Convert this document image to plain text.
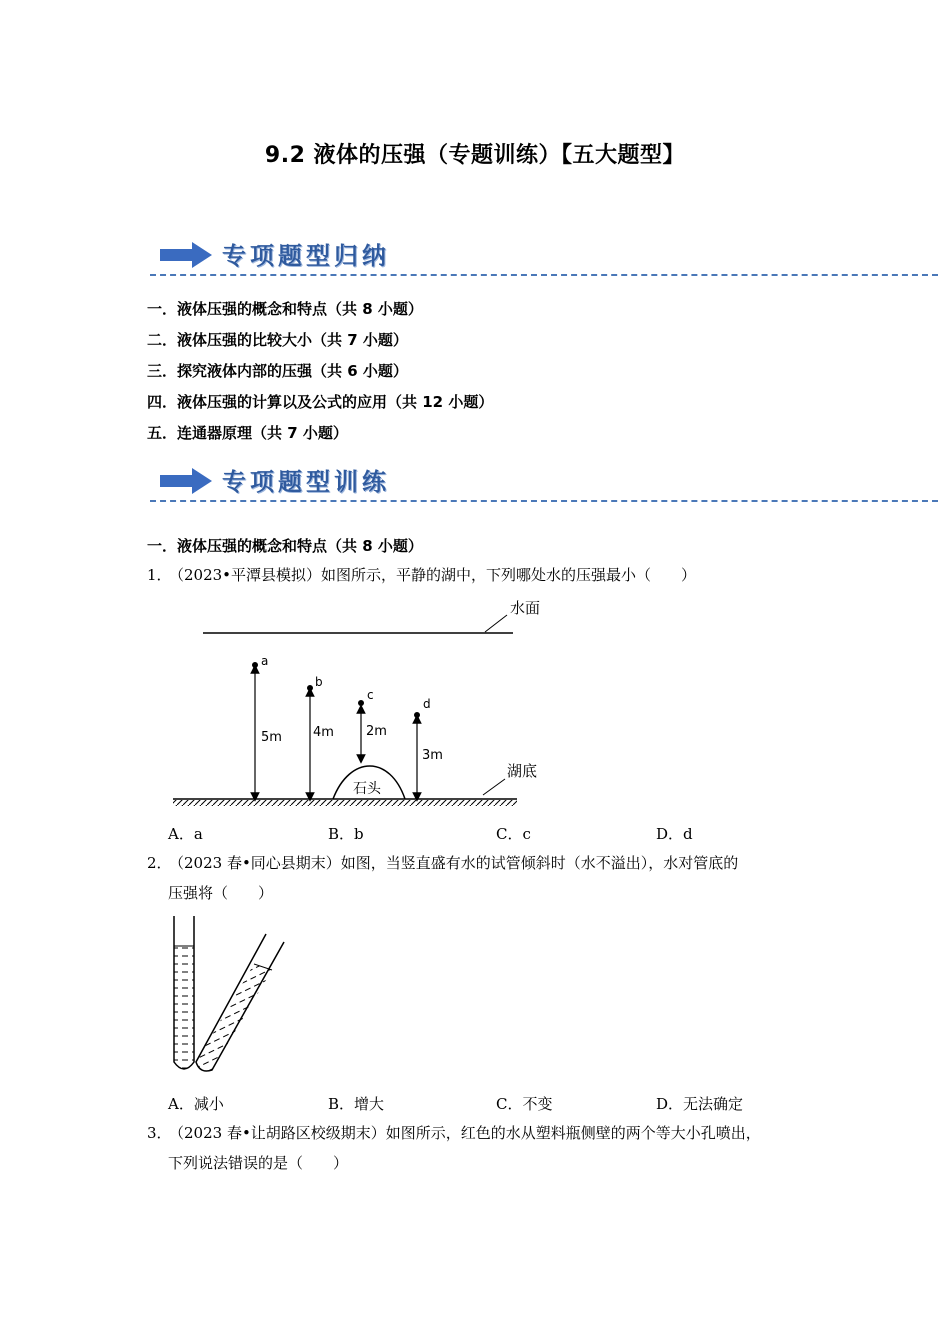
9.2 液体的压强（专题训练）【五大题型】
专项题型归纳
一．液体压强的概念和特点（共 8 小题）
二．液体压强的比较大小（共 7 小题）
三．探究液体内部的压强（共 6 小题）
四．液体压强的计算以及公式的应用（共 12 小题）
五．连通器原理（共 7 小题）
专项题型训练
一．液体压强的概念和特点（共 8 小题）
1．（2023•平潭县模拟）如图所示，平静的湖中，下列哪处水的压强最小（　　）
水面
湖底
石头
a
5m
b
4m
c
2m
d
3m
A．a	B．b	C．c	D．d
2．（2023 春•同心县期末）如图，当竖直盛有水的试管倾斜时（水不溢出），水对管底的
压强将（　　）
A．减小	B．增大	C．不变	D．无法确定
3．（2023 春•让胡路区校级期末）如图所示，红色的水从塑料瓶侧壁的两个等大小孔喷出，
下列说法错误的是（　　）
